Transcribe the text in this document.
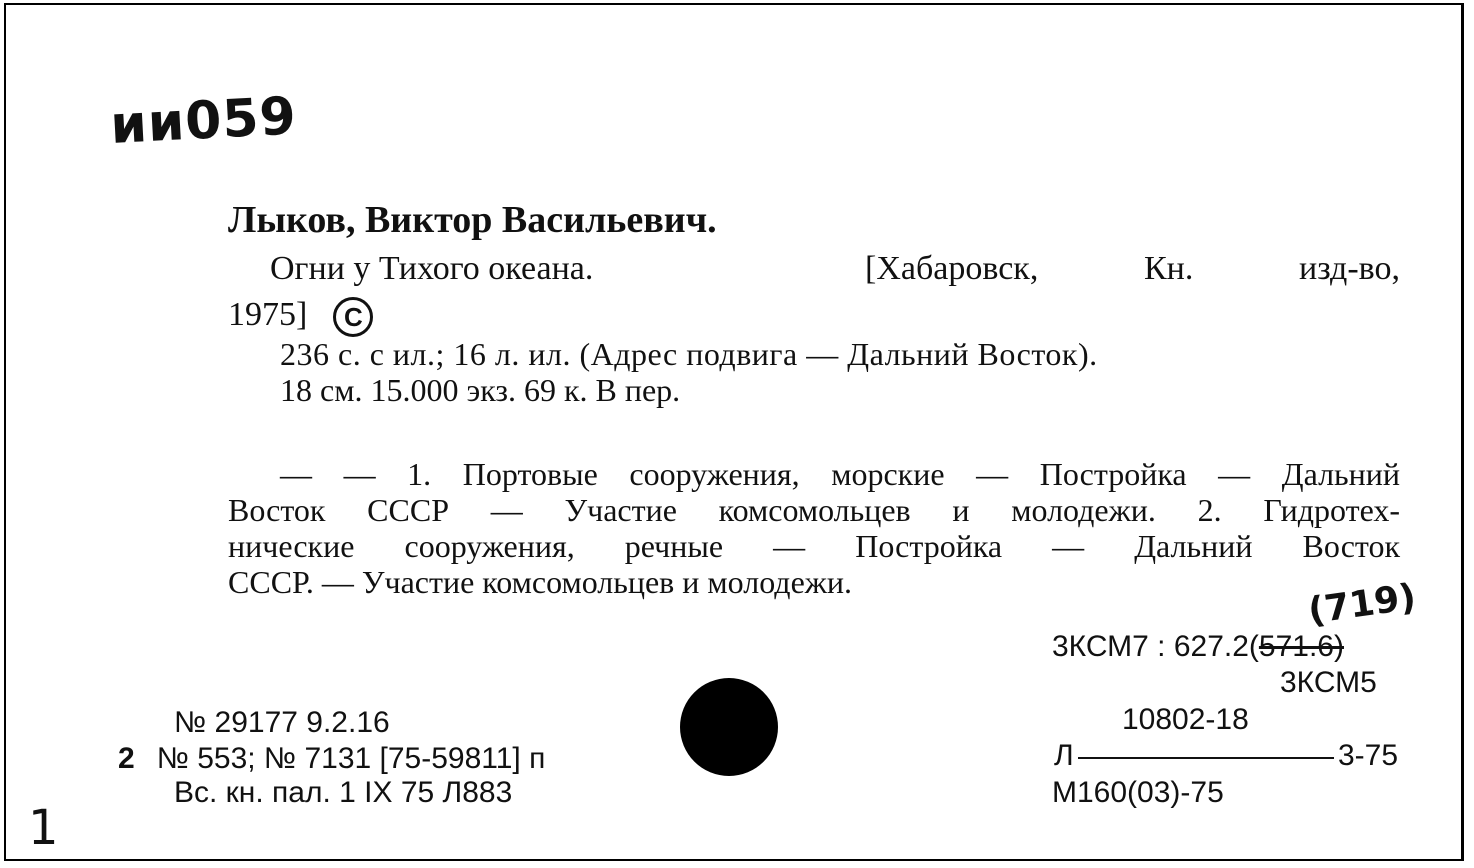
ии059
Лыков, Виктор Васильевич.
Огни у Тихого океана.	[Хабаровск,	Кн.	изд-во,
1975] C
236 с. с ил.; 16 л. ил. (Адрес подвига — Дальний Восток).
18 см. 15.000 экз. 69 к. В пер.
— — 1. Портовые сооружения, морские — Постройка — Дальний
Восток СССР — Участие комсомольцев и молодежи. 2. Гидротех-
нические сооружения, речные — Постройка — Дальний Восток
СССР. — Участие комсомольцев и молодежи.	(719)
3КСМ7 : 627.2(571.6)
3КСМ5
10802-18
Л	3-75
М160(03)-75
№ 29177 9.2.16
2 № 553; № 7131 [75-59811] п
Вс. кн. пал. 1 IX 75 Л883
1
